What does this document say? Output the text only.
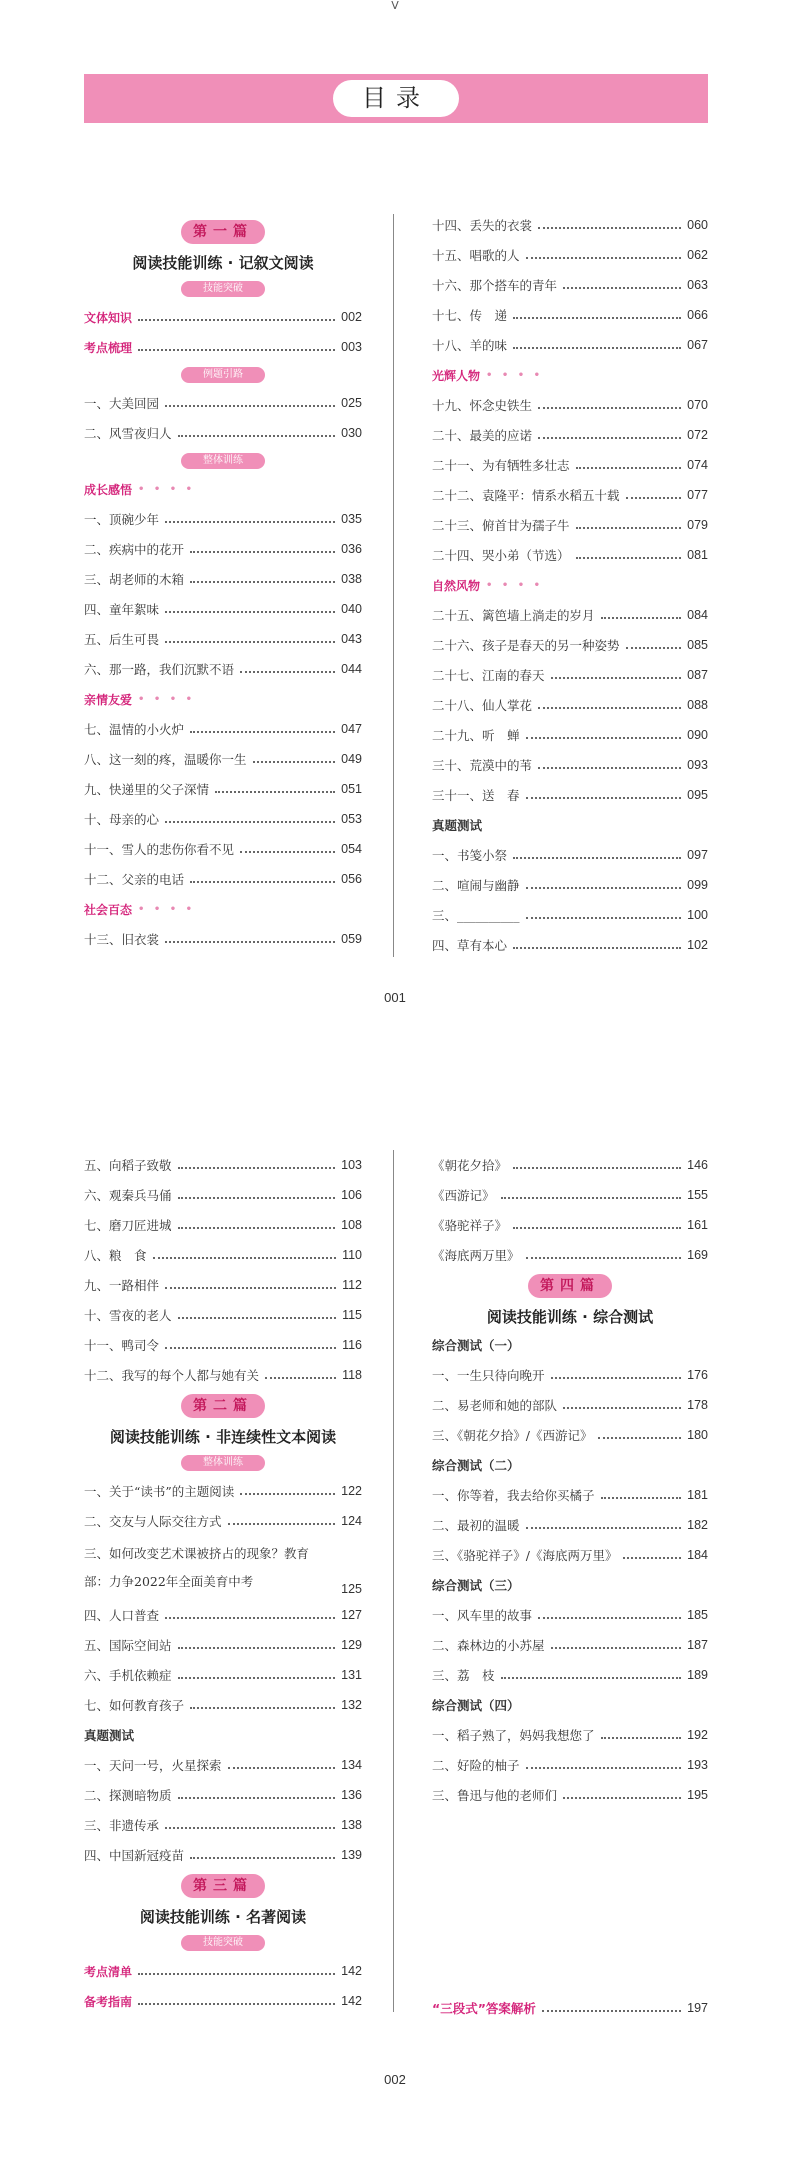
V
目录
第一篇
阅读技能训练 · 记叙文阅读
技能突破
文体知识	002
考点梳理	003
例题引路
一、大美回园	025
二、风雪夜归人	030
整体训练
成长感悟 • • • •
一、顶碗少年	035
二、疾病中的花开	036
三、胡老师的木箱	038
四、童年絮味	040
五、后生可畏	043
六、那一路，我们沉默不语	044
亲情友爱 • • • •
七、温情的小火炉	047
八、这一刻的疼，温暖你一生	049
九、快递里的父子深情	051
十、母亲的心	053
十一、雪人的悲伤你看不见	054
十二、父亲的电话	056
社会百态 • • • •
十三、旧衣裳	059
十四、丢失的衣裳	060
十五、唱歌的人	062
十六、那个搭车的青年	063
十七、传　递	066
十八、羊的味	067
光辉人物 • • • •
十九、怀念史铁生	070
二十、最美的应诺	072
二十一、为有牺牲多壮志	074
二十二、袁隆平：情系水稻五十载	077
二十三、俯首甘为孺子牛	079
二十四、哭小弟（节选）	081
自然风物 • • • •
二十五、篱笆墙上淌走的岁月	084
二十六、孩子是春天的另一种姿势	085
二十七、江南的春天	087
二十八、仙人掌花	088
二十九、听　蝉	090
三十、荒漠中的苇	093
三十一、送　春	095
真题测试
一、书笺小祭	097
二、喧闹与幽静	099
三、__________	100
四、草有本心	102
001
五、向稻子致敬	103
六、观秦兵马俑	106
七、磨刀匠进城	108
八、粮　食	110
九、一路相伴	112
十、雪夜的老人	115
十一、鸭司令	116
十二、我写的每个人都与她有关	118
第二篇
阅读技能训练 · 非连续性文本阅读
整体训练
一、关于“读书”的主题阅读	122
二、交友与人际交往方式	124
三、如何改变艺术课被挤占的现象？教育部：力争2022年全面美育中考	125
四、人口普查	127
五、国际空间站	129
六、手机依赖症	131
七、如何教育孩子	132
真题测试
一、天问一号，火星探索	134
二、探测暗物质	136
三、非遗传承	138
四、中国新冠疫苗	139
第三篇
阅读技能训练 · 名著阅读
技能突破
考点清单	142
备考指南	142
《朝花夕拾》	146
《西游记》	155
《骆驼祥子》	161
《海底两万里》	169
第四篇
阅读技能训练 · 综合测试
综合测试（一）
一、一生只待向晚开	176
二、易老师和她的部队	178
三、《朝花夕拾》/《西游记》	180
综合测试（二）
一、你等着，我去给你买橘子	181
二、最初的温暖	182
三、《骆驼祥子》/《海底两万里》	184
综合测试（三）
一、风车里的故事	185
二、森林边的小苏屋	187
三、荔　枝	189
综合测试（四）
一、稻子熟了，妈妈我想您了	192
二、好险的柚子	193
三、鲁迅与他的老师们	195
“三段式”答案解析	197
002
